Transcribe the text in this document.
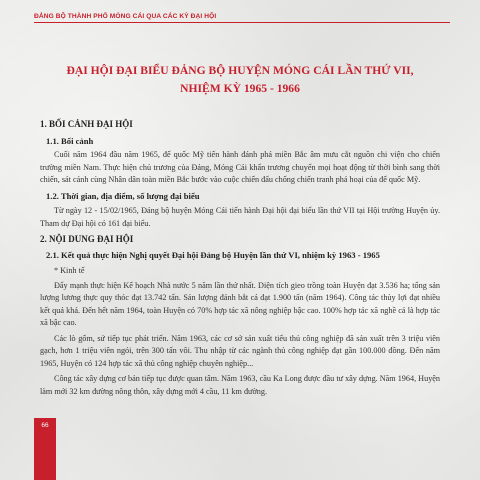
ĐẢNG BỘ THÀNH PHỐ MÓNG CÁI QUA CÁC KỲ ĐẠI HỘI
ĐẠI HỘI ĐẠI BIỂU ĐẢNG BỘ HUYỆN MÓNG CÁI LẦN THỨ VII,
NHIỆM KỲ 1965 - 1966

1. BỐI CẢNH ĐẠI HỘI

1.1. Bối cảnh

Cuối năm 1964 đầu năm 1965, đế quốc Mỹ tiến hành đánh phá miền Bắc âm mưu cắt nguồn chi viện cho chiến trường miền Nam. Thực hiện chủ trương của Đảng, Móng Cái khẩn trương chuyển mọi hoạt động từ thời bình sang thời chiến, sát cánh cùng Nhân dân toàn miền Bắc bước vào cuộc chiến đấu chống chiến tranh phá hoại của đế quốc Mỹ.

1.2. Thời gian, địa điểm, số lượng đại biểu

Từ ngày 12 - 15/02/1965, Đảng bộ huyện Móng Cái tiến hành Đại hội đại biểu lần thứ VII tại Hội trường Huyện ủy. Tham dự Đại hội có 161 đại biểu.

2. NỘI DUNG ĐẠI HỘI

2.1. Kết quả thực hiện Nghị quyết Đại hội Đảng bộ Huyện lần thứ VI, nhiệm kỳ 1963 - 1965

* Kinh tế

Đẩy mạnh thực hiện Kế hoạch Nhà nước 5 năm lần thứ nhất. Diện tích gieo trồng toàn Huyện đạt 3.536 ha; tổng sản lượng lương thực quy thóc đạt 13.742 tấn. Sản lượng đánh bắt cá đạt 1.900 tấn (năm 1964). Công tác thủy lợi đạt nhiều kết quả khá. Đến hết năm 1964, toàn Huyện có 70% hợp tác xã nông nghiệp bậc cao. 100% hợp tác xã nghề cá là hợp tác xã bậc cao.

Các lò gốm, sứ tiếp tục phát triển. Năm 1963, các cơ sở sản xuất tiểu thủ công nghiệp đã sản xuất trên 3 triệu viên gạch, hơn 1 triệu viên ngói, trên 300 tấn vôi. Thu nhập từ các ngành thủ công nghiệp đạt gần 100.000 đồng. Đến năm 1965, Huyện có 124 hợp tác xã thủ công nghiệp chuyên nghiệp...

Công tác xây dựng cơ bản tiếp tục được quan tâm. Năm 1963, cầu Ka Long được đầu tư xây dựng. Năm 1964, Huyện làm mới 32 km đường nông thôn, xây dựng mới 4 cầu, 11 km đường.

66
